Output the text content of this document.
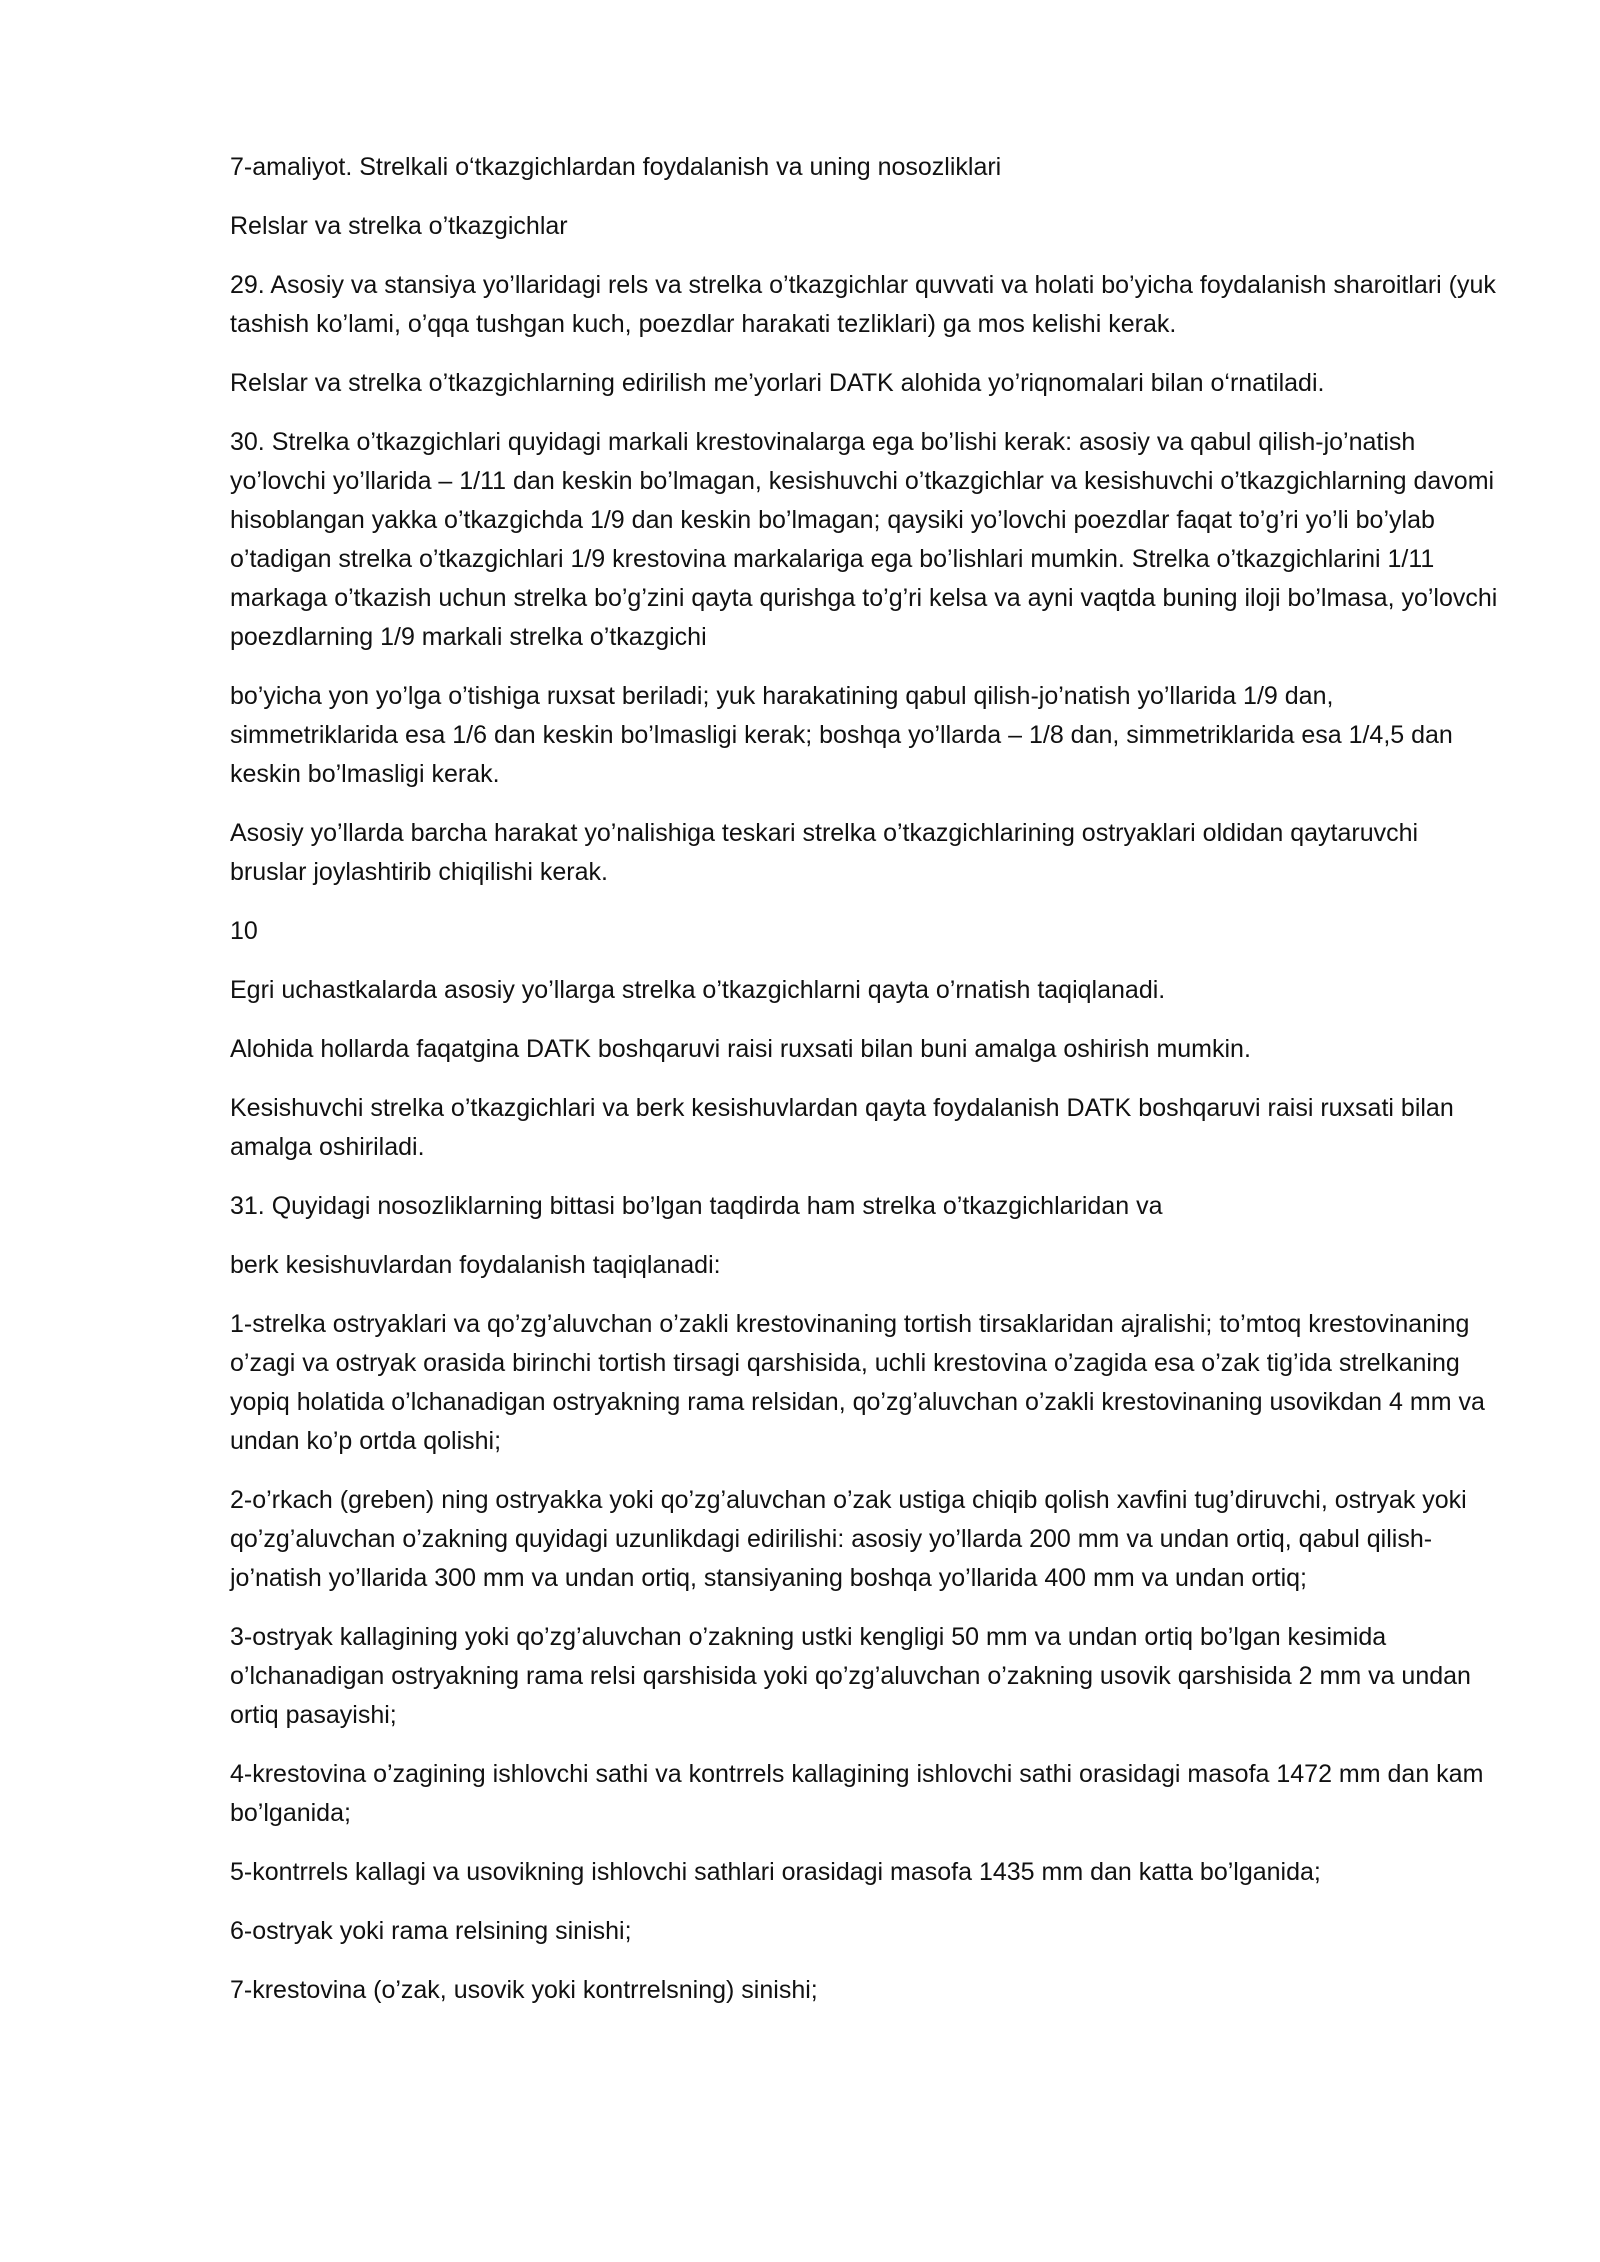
7-amaliyot. Strelkali o‘tkazgichlardan foydalanish va uning nosozliklari

Relslar va strelka o’tkazgichlar

29. Asosiy va stansiya yo’llaridagi rels va strelka o’tkazgichlar quvvati va holati bo’yicha foydalanish sharoitlari (yuk tashish ko’lami, o’qqa tushgan kuch, poezdlar harakati tezliklari) ga mos kelishi kerak.

Relslar va strelka o’tkazgichlarning edirilish me’yorlari DATK alohida yo’riqnomalari bilan o‘rnatiladi.

30. Strelka o’tkazgichlari quyidagi markali krestovinalarga ega bo’lishi kerak: asosiy va qabul qilish-jo’natish yo’lovchi yo’llarida – 1/11 dan keskin bo’lmagan, kesishuvchi o’tkazgichlar va kesishuvchi o’tkazgichlarning davomi hisoblangan yakka o’tkazgichda 1/9 dan keskin bo’lmagan; qaysiki yo’lovchi poezdlar faqat to’g’ri yo’li bo’ylab o’tadigan strelka o’tkazgichlari 1/9 krestovina markalariga ega bo’lishlari mumkin. Strelka o’tkazgichlarini 1/11 markaga o’tkazish uchun strelka bo’g’zini qayta qurishga to’g’ri kelsa va ayni vaqtda buning iloji bo’lmasa, yo’lovchi poezdlarning 1/9 markali strelka o’tkazgichi

bo’yicha yon yo’lga o’tishiga ruxsat beriladi; yuk harakatining qabul qilish-jo’natish yo’llarida 1/9 dan, simmetriklarida esa 1/6 dan keskin bo’lmasligi kerak; boshqa yo’llarda – 1/8 dan, simmetriklarida esa 1/4,5 dan keskin bo’lmasligi kerak.

Asosiy yo’llarda barcha harakat yo’nalishiga teskari strelka o’tkazgichlarining ostryaklari oldidan qaytaruvchi bruslar joylashtirib chiqilishi kerak.

10

Egri uchastkalarda asosiy yo’llarga strelka o’tkazgichlarni qayta o’rnatish taqiqlanadi.

Alohida hollarda faqatgina DATK boshqaruvi raisi ruxsati bilan buni amalga oshirish mumkin.

Kesishuvchi strelka o’tkazgichlari va berk kesishuvlardan qayta foydalanish DATK boshqaruvi raisi ruxsati bilan amalga oshiriladi.

31. Quyidagi nosozliklarning bittasi bo’lgan taqdirda ham strelka o’tkazgichlaridan va

berk kesishuvlardan foydalanish taqiqlanadi:

1-strelka ostryaklari va qo’zg’aluvchan o’zakli krestovinaning tortish tirsaklaridan ajralishi; to’mtoq krestovinaning o’zagi va ostryak orasida birinchi tortish tirsagi qarshisida, uchli krestovina o’zagida esa o’zak tig’ida strelkaning yopiq holatida o’lchanadigan ostryakning rama relsidan, qo’zg’aluvchan o’zakli krestovinaning usovikdan 4 mm va undan ko’p ortda qolishi;

2-o’rkach (greben) ning ostryakka yoki qo’zg’aluvchan o’zak ustiga chiqib qolish xavfini tug’diruvchi, ostryak yoki qo’zg’aluvchan o’zakning quyidagi uzunlikdagi edirilishi: asosiy yo’llarda 200 mm va undan ortiq, qabul qilish-jo’natish yo’llarida 300 mm va undan ortiq, stansiyaning boshqa yo’llarida 400 mm va undan ortiq;

3-ostryak kallagining yoki qo’zg’aluvchan o’zakning ustki kengligi 50 mm va undan ortiq bo’lgan kesimida o’lchanadigan ostryakning rama relsi qarshisida yoki qo’zg’aluvchan o’zakning usovik qarshisida 2 mm va undan ortiq pasayishi;

4-krestovina o’zagining ishlovchi sathi va kontrrels kallagining ishlovchi sathi orasidagi masofa 1472 mm dan kam bo’lganida;

5-kontrrels kallagi va usovikning ishlovchi sathlari orasidagi masofa 1435 mm dan katta bo’lganida;

6-ostryak yoki rama relsining sinishi;

7-krestovina (o’zak, usovik yoki kontrrelsning) sinishi;
